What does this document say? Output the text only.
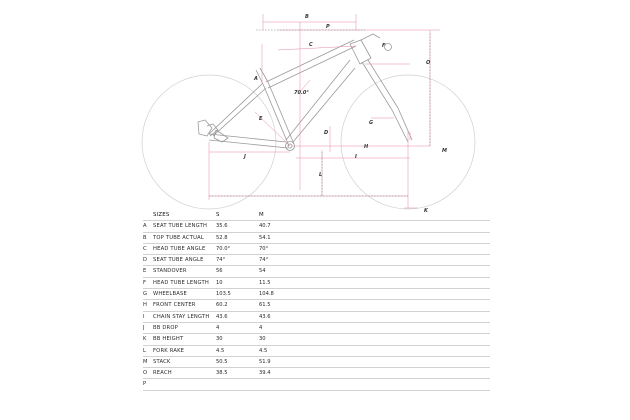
B
P
C	F
O
A
70.0°
D
E
G
H
I
J
M
L
K
	SIZES	S	M
A	SEAT TUBE LENGTH	35.6	40.7
B	TOP TUBE ACTUAL	52.8	54.1
C	HEAD TUBE ANGLE	70.0°	70°
D	SEAT TUBE ANGLE	74°	74°
E	STANDOVER	56	54
F	HEAD TUBE LENGTH	10	11.5
G	WHEELBASE	103.5	104.8
H	FRONT CENTER	60.2	61.5
I	CHAIN STAY LENGTH	43.6	43.6
J	BB DROP	4	4
K	BB HEIGHT	30	30
L	FORK RAKE	4.5	4.5
M	STACK	50.5	51.9
O	REACH	38.5	39.4
P			
